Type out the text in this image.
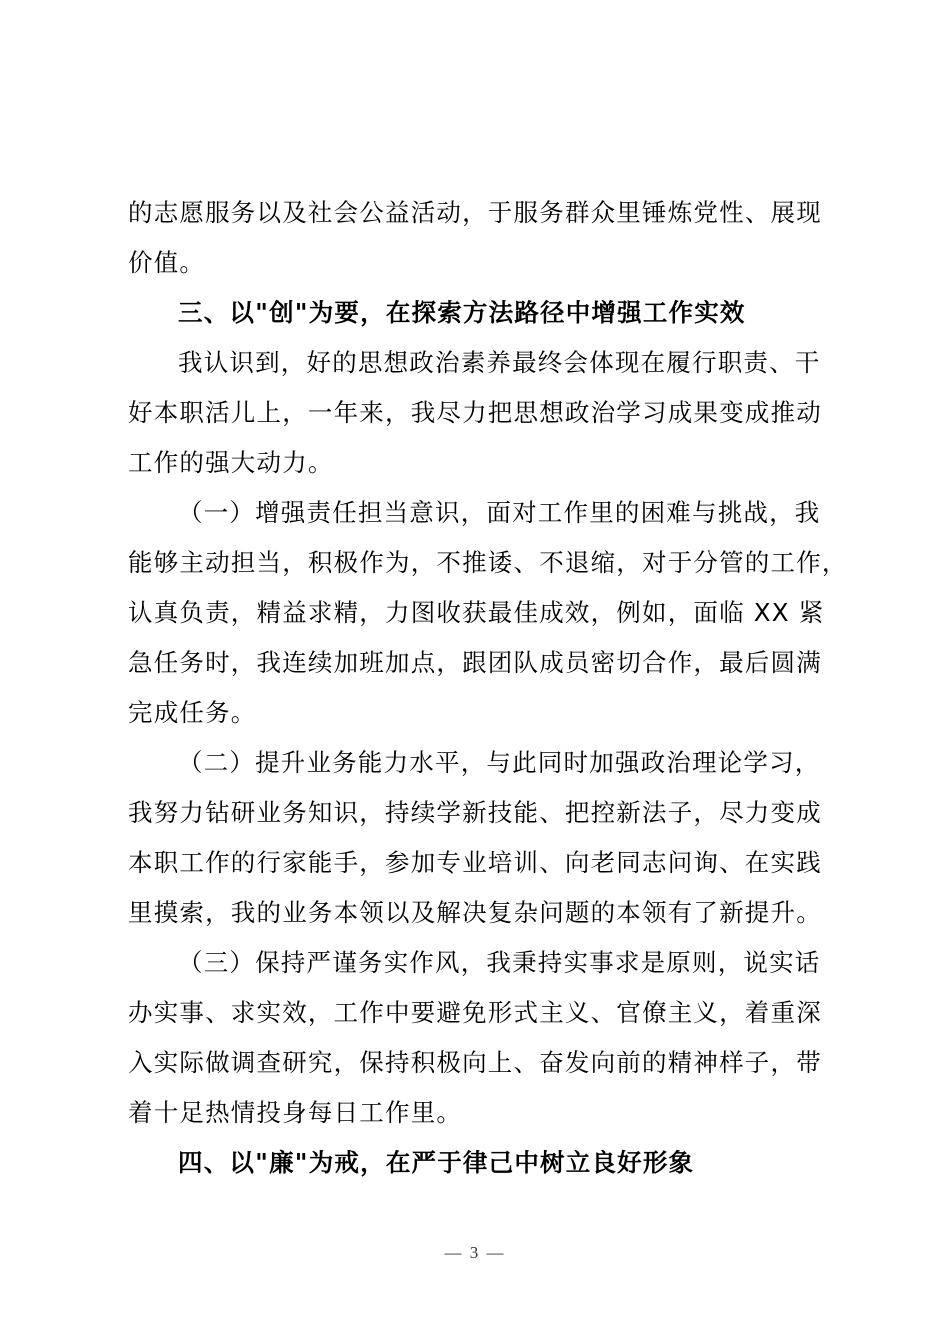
的志愿服务以及社会公益活动，于服务群众里锤炼党性、展现
价值。
三、以"创"为要，在探索方法路径中增强工作实效
我认识到，好的思想政治素养最终会体现在履行职责、干
好本职活儿上，一年来，我尽力把思想政治学习成果变成推动
工作的强大动力。
（一）增强责任担当意识，面对工作里的困难与挑战，我
能够主动担当，积极作为，不推诿、不退缩，对于分管的工作，
认真负责，精益求精，力图收获最佳成效，例如，面临 XX 紧
急任务时，我连续加班加点，跟团队成员密切合作，最后圆满
完成任务。
（二）提升业务能力水平，与此同时加强政治理论学习，
我努力钻研业务知识，持续学新技能、把控新法子，尽力变成
本职工作的行家能手，参加专业培训、向老同志问询、在实践
里摸索，我的业务本领以及解决复杂问题的本领有了新提升。
（三）保持严谨务实作风，我秉持实事求是原则，说实话
办实事、求实效，工作中要避免形式主义、官僚主义，着重深
入实际做调查研究，保持积极向上、奋发向前的精神样子，带
着十足热情投身每日工作里。
四、以"廉"为戒，在严于律己中树立良好形象
— 3 —
